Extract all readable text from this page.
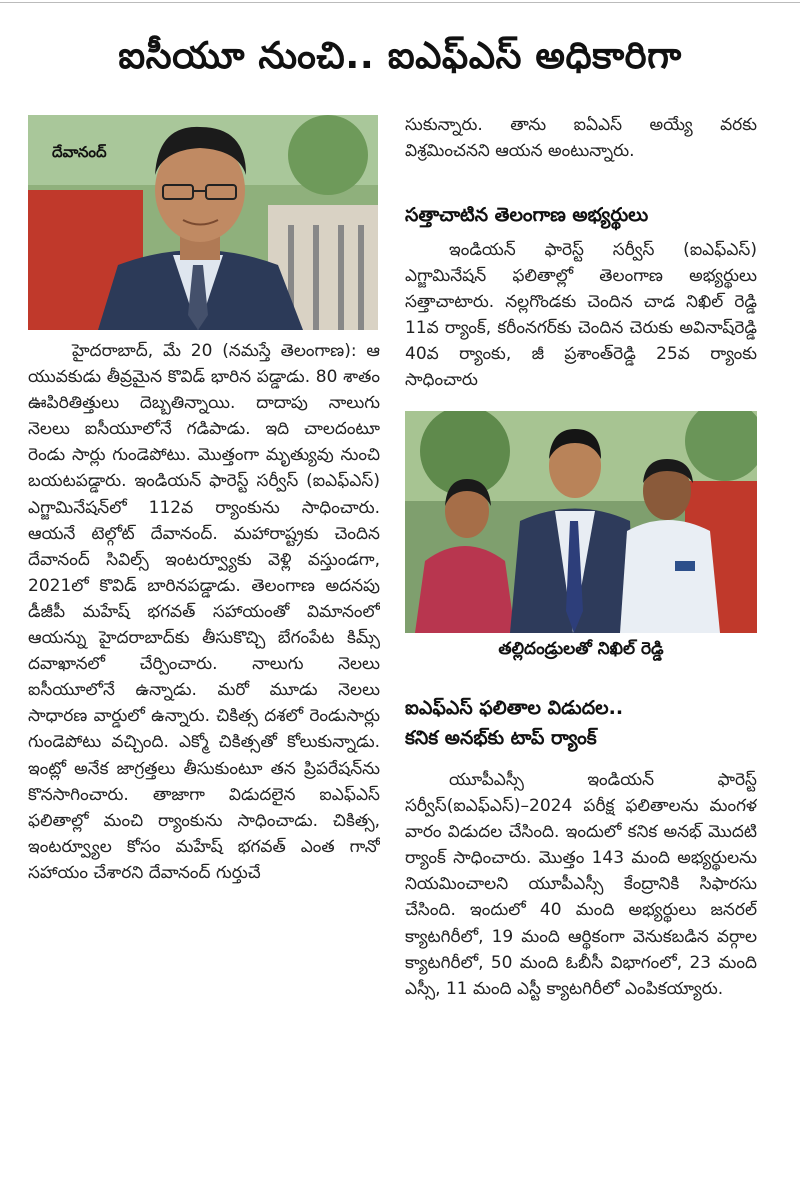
ఐసీయూ నుంచి.. ఐఎఫ్ఎస్ అధికారిగా
దేవానంద్

హైదరాబాద్, మే 20 (నమస్తే తెలంగాణ): ఆ యువకుడు తీవ్రమైన కొవిడ్ భారిన పడ్డాడు. 80 శాతం ఊపిరితిత్తులు దెబ్బతిన్నాయి. దాదాపు నాలుగు నెలలు ఐసీయూలోనే గడిపాడు. ఇది చాలదంటూ రెండు సార్లు గుండెపోటు. మొత్తంగా మృత్యువు నుంచి బయటపడ్డారు. ఇండియన్ ఫారెస్ట్ సర్వీస్ (ఐఎఫ్ఎస్) ఎగ్జామినేషన్‌లో 112వ ర్యాంకును సాధించారు. ఆయనే టెల్గోట్ దేవానంద్. మహారాష్ట్రకు చెందిన దేవానంద్ సివిల్స్ ఇంటర్వ్యూకు వెళ్లి వస్తుండగా, 2021లో కొవిడ్ బారినపడ్డాడు. తెలంగాణ అదనపు డీజీపీ మహేష్ భగవత్ సహాయంతో విమానంలో ఆయన్ను హైదరాబాద్‌కు తీసుకొచ్చి బేగంపేట కిమ్స్ దవాఖానలో చేర్పించారు. నాలుగు నెలలు ఐసీయూలోనే ఉన్నాడు. మరో మూడు నెలలు సాధారణ వార్డులో ఉన్నారు. చికిత్స దశలో రెండుసార్లు గుండెపోటు వచ్చింది. ఎక్మో చికిత్సతో కోలుకున్నాడు. ఇంట్లో అనేక జాగ్రత్తలు తీసుకుంటూ తన ప్రిపరేషన్‌ను కొనసాగించారు. తాజాగా విడుదలైన ఐఎఫ్ఎస్ ఫలితాల్లో మంచి ర్యాంకును సాధించాడు. చికిత్స, ఇంటర్వ్యూల కోసం మహేష్ భగవత్ ఎంత గానో సహాయం చేశారని దేవానంద్ గుర్తుచే

సుకున్నారు. తాను ఐఏఎస్ అయ్యే వరకు విశ్రమించనని ఆయన అంటున్నారు.

సత్తాచాటిన తెలంగాణ అభ్యర్థులు

ఇండియన్ ఫారెస్ట్ సర్వీస్ (ఐఎఫ్ఎస్) ఎగ్జామినేషన్ ఫలితాల్లో తెలంగాణ అభ్యర్థులు సత్తాచాటారు. నల్లగొండకు చెందిన చాడ నిఖిల్ రెడ్డి 11వ ర్యాంక్, కరీంనగర్‌కు చెందిన చెరుకు అవినాష్‌రెడ్డి 40వ ర్యాంకు, జీ ప్రశాంత్‌రెడ్డి 25వ ర్యాంకు సాధించారు

తల్లిదండ్రులతో నిఖిల్ రెడ్డి
ఐఎఫ్ఎస్ ఫలితాల విడుదల..
కనిక అనభ్‌కు టాప్ ర్యాంక్

యూపీఎస్సీ ఇండియన్ ఫారెస్ట్ సర్వీస్(ఐఎఫ్ఎస్)–2024 పరీక్ష ఫలితాలను మంగళ వారం విడుదల చేసింది. ఇందులో కనిక అనభ్ మొదటి ర్యాంక్ సాధించారు. మొత్తం 143 మంది అభ్యర్థులను నియమించాలని యూపీఎస్సీ కేంద్రానికి సిఫారసు చేసింది. ఇందులో 40 మంది అభ్యర్థులు జనరల్ క్యాటగిరీలో, 19 మంది ఆర్థికంగా వెనుకబడిన వర్గాల క్యాటగిరీలో, 50 మంది ఓబీసీ విభాగంలో, 23 మంది ఎస్సీ, 11 మంది ఎస్టీ క్యాటగిరీలో ఎంపికయ్యారు.
